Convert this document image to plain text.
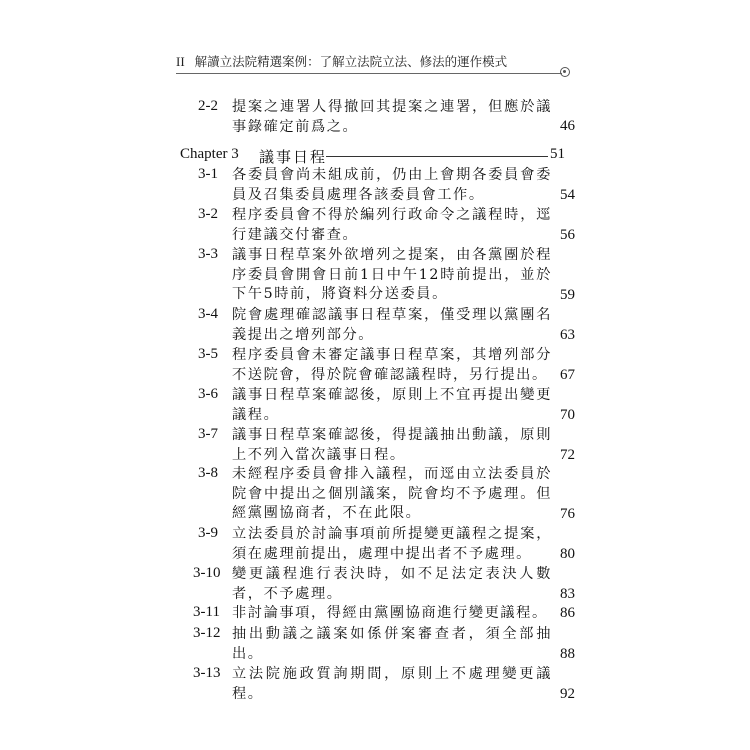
II 解讀立法院精選案例：了解立法院立法、修法的運作模式
2-2 提案之連署人得撤回其提案之連署，但應於議事錄確定前爲之。	46
Chapter 3 議事日程	51
3-1 各委員會尚未組成前，仍由上會期各委員會委員及召集委員處理各該委員會工作。	54
3-2 程序委員會不得於編列行政命令之議程時，逕行建議交付審查。	56
3-3 議事日程草案外欲增列之提案，由各黨團於程序委員會開會日前1日中午12時前提出，並於下午5時前，將資料分送委員。	59
3-4 院會處理確認議事日程草案，僅受理以黨團名義提出之增列部分。	63
3-5 程序委員會未審定議事日程草案，其增列部分不送院會，得於院會確認議程時，另行提出。 67
3-6 議事日程草案確認後，原則上不宜再提出變更議程。	70
3-7 議事日程草案確認後，得提議抽出動議，原則上不列入當次議事日程。	72
3-8 未經程序委員會排入議程，而逕由立法委員於院會中提出之個別議案，院會均不予處理。但經黨團協商者，不在此限。	76
3-9 立法委員於討論事項前所提變更議程之提案，須在處理前提出，處理中提出者不予處理。	80
3-10 變更議程進行表決時，如不足法定表決人數者，不予處理。	83
3-11 非討論事項，得經由黨團協商進行變更議程。 86
3-12 抽出動議之議案如係併案審查者，須全部抽出。	88
3-13 立法院施政質詢期間，原則上不處理變更議程。	92
